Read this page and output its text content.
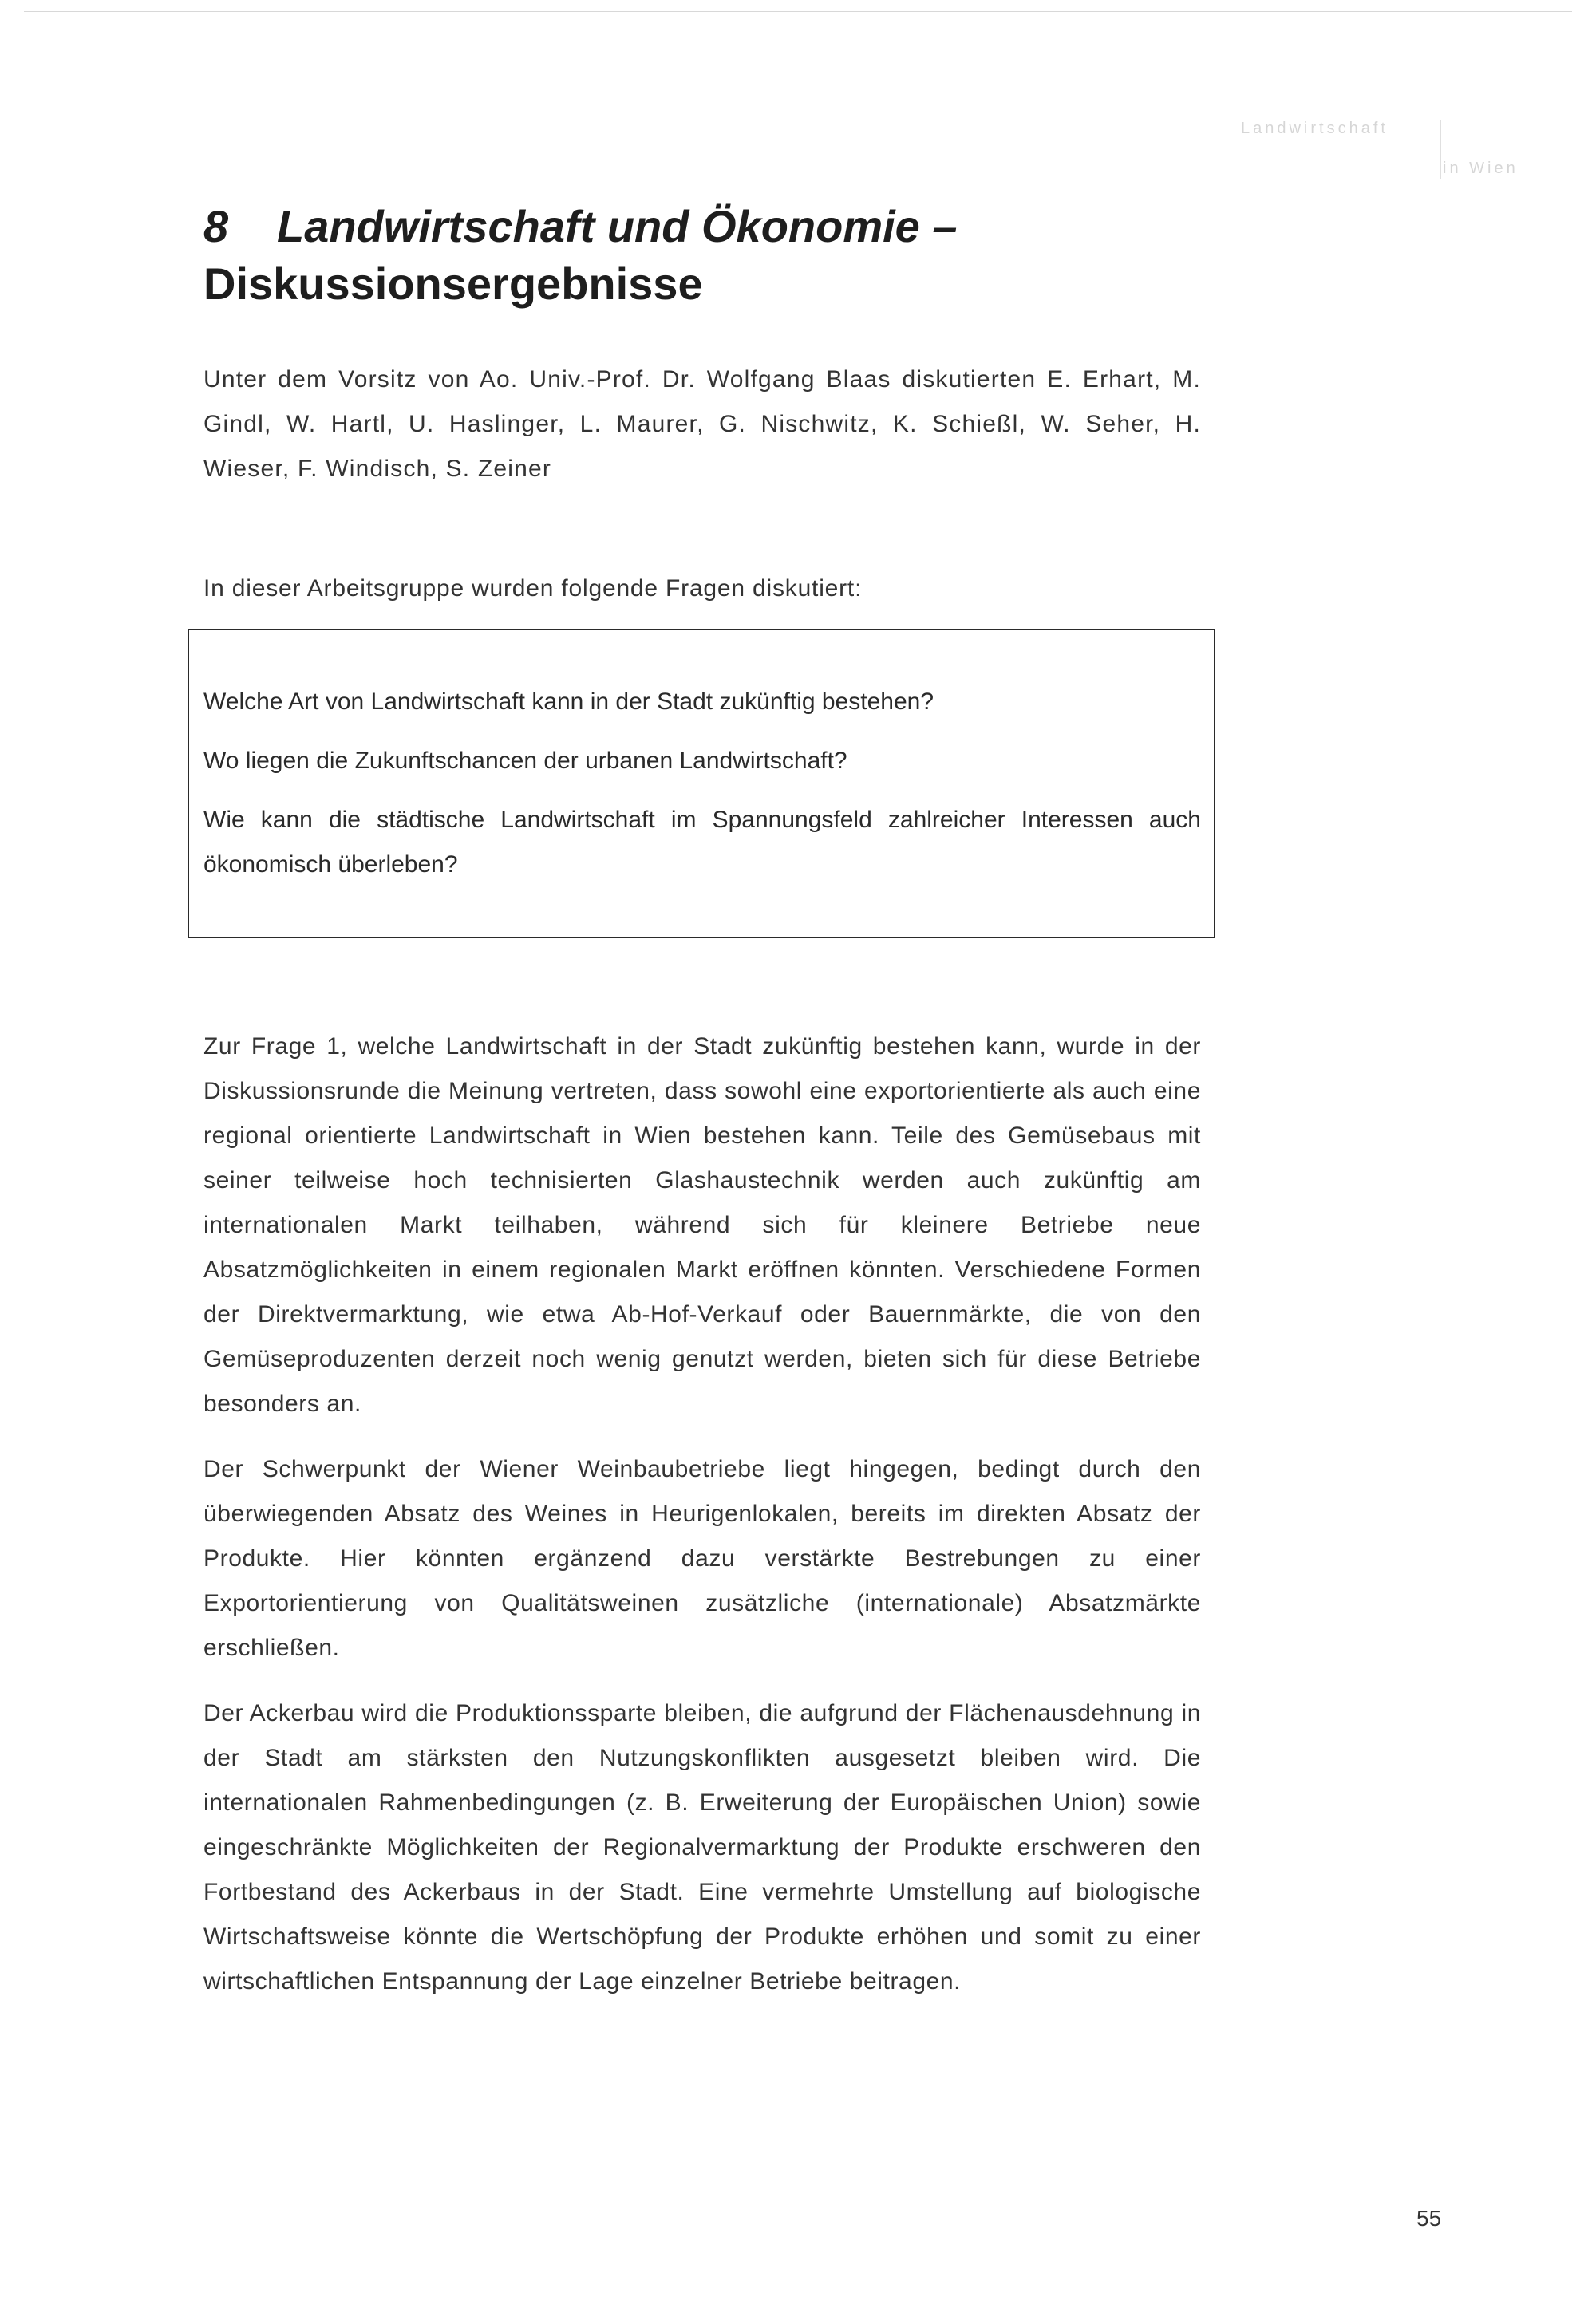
Landwirtschaft
in Wien
8 Landwirtschaft und Ökonomie –
Diskussionsergebnisse

Unter dem Vorsitz von Ao. Univ.-Prof. Dr. Wolfgang Blaas diskutierten E. Erhart, M. Gindl, W. Hartl, U. Haslinger, L. Maurer, G. Nischwitz, K. Schießl, W. Seher, H. Wieser, F. Windisch, S. Zeiner

In dieser Arbeitsgruppe wurden folgende Fragen diskutiert:

Welche Art von Landwirtschaft kann in der Stadt zukünftig bestehen?

Wo liegen die Zukunftschancen der urbanen Landwirtschaft?

Wie kann die städtische Landwirtschaft im Spannungsfeld zahlreicher Interessen auch ökonomisch überleben?

Zur Frage 1, welche Landwirtschaft in der Stadt zukünftig bestehen kann, wurde in der Diskussionsrunde die Meinung vertreten, dass sowohl eine exportorientierte als auch eine regional orientierte Landwirtschaft in Wien bestehen kann. Teile des Gemüsebaus mit seiner teilweise hoch technisierten Glashaustechnik werden auch zukünftig am internationalen Markt teilhaben, während sich für kleinere Betriebe neue Absatzmöglichkeiten in einem regionalen Markt eröffnen könnten. Verschiedene Formen der Direktvermarktung, wie etwa Ab-Hof-Verkauf oder Bauernmärkte, die von den Gemüseproduzenten derzeit noch wenig genutzt werden, bieten sich für diese Betriebe besonders an.

Der Schwerpunkt der Wiener Weinbaubetriebe liegt hingegen, bedingt durch den überwiegenden Absatz des Weines in Heurigenlokalen, bereits im direkten Absatz der Produkte. Hier könnten ergänzend dazu verstärkte Bestrebungen zu einer Exportorientierung von Qualitätsweinen zusätzliche (internationale) Absatzmärkte erschließen.

Der Ackerbau wird die Produktionssparte bleiben, die aufgrund der Flächenausdehnung in der Stadt am stärksten den Nutzungskonflikten ausgesetzt bleiben wird. Die internationalen Rahmenbedingungen (z. B. Erweiterung der Europäischen Union) sowie eingeschränkte Möglichkeiten der Regionalvermarktung der Produkte erschweren den Fortbestand des Ackerbaus in der Stadt. Eine vermehrte Umstellung auf biologische Wirtschaftsweise könnte die Wertschöpfung der Produkte erhöhen und somit zu einer wirtschaftlichen Entspannung der Lage einzelner Betriebe beitragen.

55
